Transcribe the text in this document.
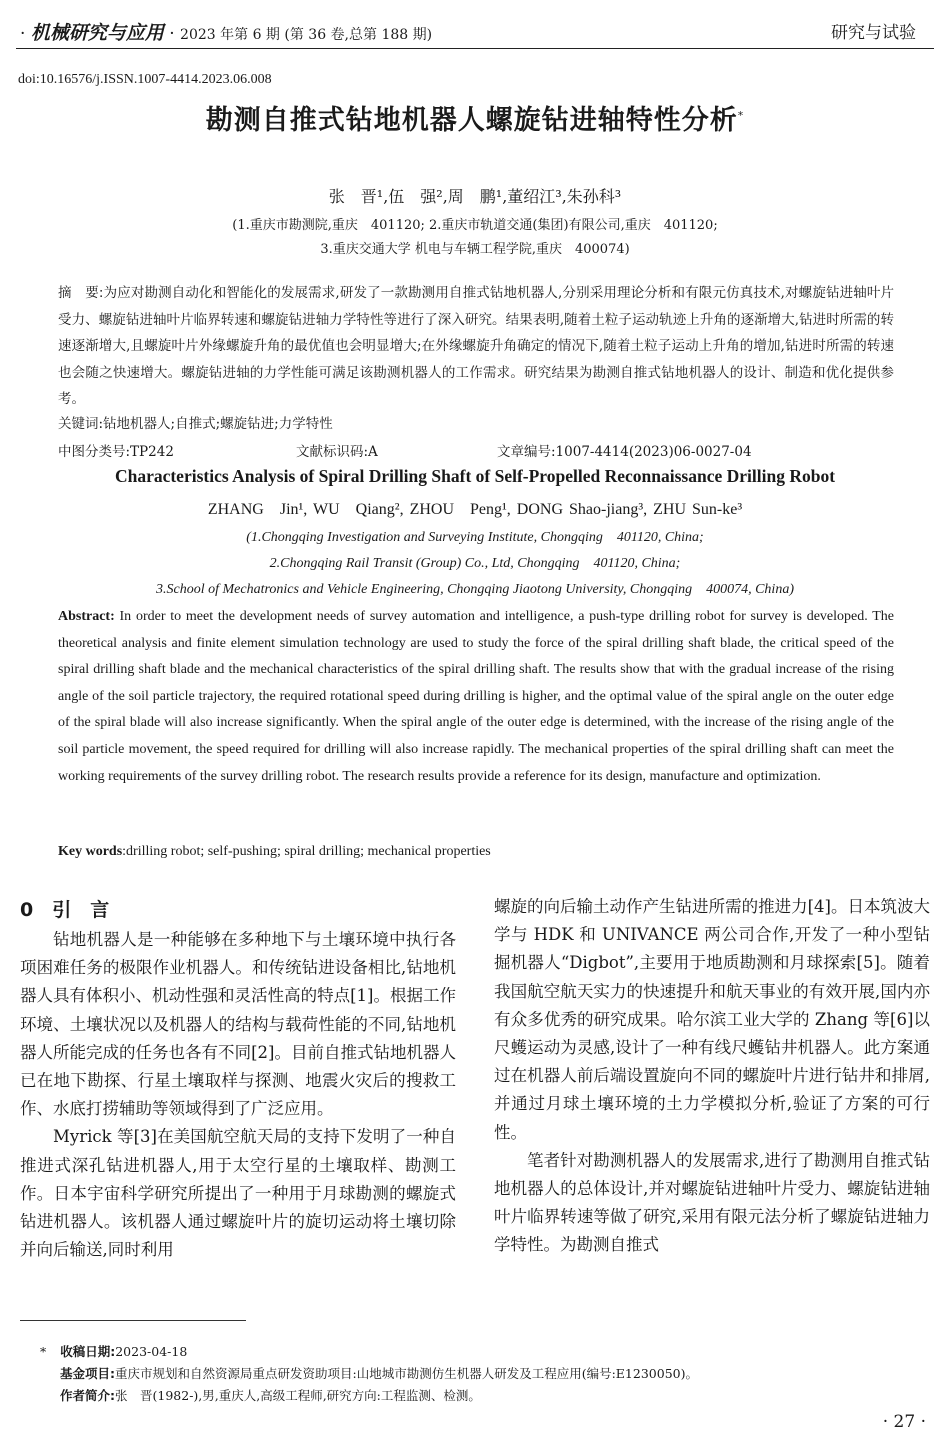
· 机械研究与应用 · 2023 年第 6 期 (第 36 卷,总第 188 期)	研究与试验
doi:10.16576/j.ISSN.1007-4414.2023.06.008
勘测自推式钻地机器人螺旋钻进轴特性分析*
张　晋¹,伍　强²,周　鹏¹,董绍江³,朱孙科³
(1.重庆市勘测院,重庆　401120; 2.重庆市轨道交通(集团)有限公司,重庆　401120;
3.重庆交通大学 机电与车辆工程学院,重庆　400074)
摘　要:为应对勘测自动化和智能化的发展需求,研发了一款勘测用自推式钻地机器人,分别采用理论分析和有限元仿真技术,对螺旋钻进轴叶片受力、螺旋钻进轴叶片临界转速和螺旋钻进轴力学特性等进行了深入研究。结果表明,随着土粒子运动轨迹上升角的逐渐增大,钻进时所需的转速逐渐增大,且螺旋叶片外缘螺旋升角的最优值也会明显增大;在外缘螺旋升角确定的情况下,随着土粒子运动上升角的增加,钻进时所需的转速也会随之快速增大。螺旋钻进轴的力学性能可满足该勘测机器人的工作需求。研究结果为勘测自推式钻地机器人的设计、制造和优化提供参考。
关键词:钻地机器人;自推式;螺旋钻进;力学特性
中图分类号:TP242	文献标识码:A	文章编号:1007-4414(2023)06-0027-04
Characteristics Analysis of Spiral Drilling Shaft of Self-Propelled Reconnaissance Drilling Robot
ZHANG　Jin¹, WU　Qiang², ZHOU　Peng¹, DONG Shao-jiang³, ZHU Sun-ke³
(1.Chongqing Investigation and Surveying Institute, Chongqing　401120, China;
2.Chongqing Rail Transit (Group) Co., Ltd, Chongqing　401120, China;
3.School of Mechatronics and Vehicle Engineering, Chongqing Jiaotong University, Chongqing　400074, China)
Abstract: In order to meet the development needs of survey automation and intelligence, a push-type drilling robot for survey is developed. The theoretical analysis and finite element simulation technology are used to study the force of the spiral drilling shaft blade, the critical speed of the spiral drilling shaft blade and the mechanical characteristics of the spiral drilling shaft. The results show that with the gradual increase of the rising angle of the soil particle trajectory, the required rotational speed during drilling is higher, and the optimal value of the spiral angle on the outer edge of the spiral blade will also increase significantly. When the spiral angle of the outer edge is determined, with the increase of the rising angle of the soil particle movement, the speed required for drilling will also increase rapidly. The mechanical properties of the spiral drilling shaft can meet the working requirements of the survey drilling robot. The research results provide a reference for its design, manufacture and optimization.
Key words:drilling robot; self-pushing; spiral drilling; mechanical properties
0　引　言

钻地机器人是一种能够在多种地下与土壤环境中执行各项困难任务的极限作业机器人。和传统钻进设备相比,钻地机器人具有体积小、机动性强和灵活性高的特点[1]。根据工作环境、土壤状况以及机器人的结构与载荷性能的不同,钻地机器人所能完成的任务也各有不同[2]。目前自推式钻地机器人已在地下勘探、行星土壤取样与探测、地震火灾后的搜救工作、水底打捞辅助等领域得到了广泛应用。

Myrick 等[3]在美国航空航天局的支持下发明了一种自推进式深孔钻进机器人,用于太空行星的土壤取样、勘测工作。日本宇宙科学研究所提出了一种用于月球勘测的螺旋式钻进机器人。该机器人通过螺旋叶片的旋切运动将土壤切除并向后输送,同时利用

螺旋的向后输土动作产生钻进所需的推进力[4]。日本筑波大学与 HDK 和 UNIVANCE 两公司合作,开发了一种小型钻掘机器人“Digbot”,主要用于地质勘测和月球探索[5]。随着我国航空航天实力的快速提升和航天事业的有效开展,国内亦有众多优秀的研究成果。哈尔滨工业大学的 Zhang 等[6]以尺蠖运动为灵感,设计了一种有线尺蠖钻井机器人。此方案通过在机器人前后端设置旋向不同的螺旋叶片进行钻井和排屑,并通过月球土壤环境的土力学模拟分析,验证了方案的可行性。

笔者针对勘测机器人的发展需求,进行了勘测用自推式钻地机器人的总体设计,并对螺旋钻进轴叶片受力、螺旋钻进轴叶片临界转速等做了研究,采用有限元法分析了螺旋钻进轴力学特性。为勘测自推式

* 收稿日期:2023-04-18
基金项目:重庆市规划和自然资源局重点研发资助项目:山地城市勘测仿生机器人研发及工程应用(编号:E1230050)。
作者简介:张　晋(1982-),男,重庆人,高级工程师,研究方向:工程监测、检测。
· 27 ·
